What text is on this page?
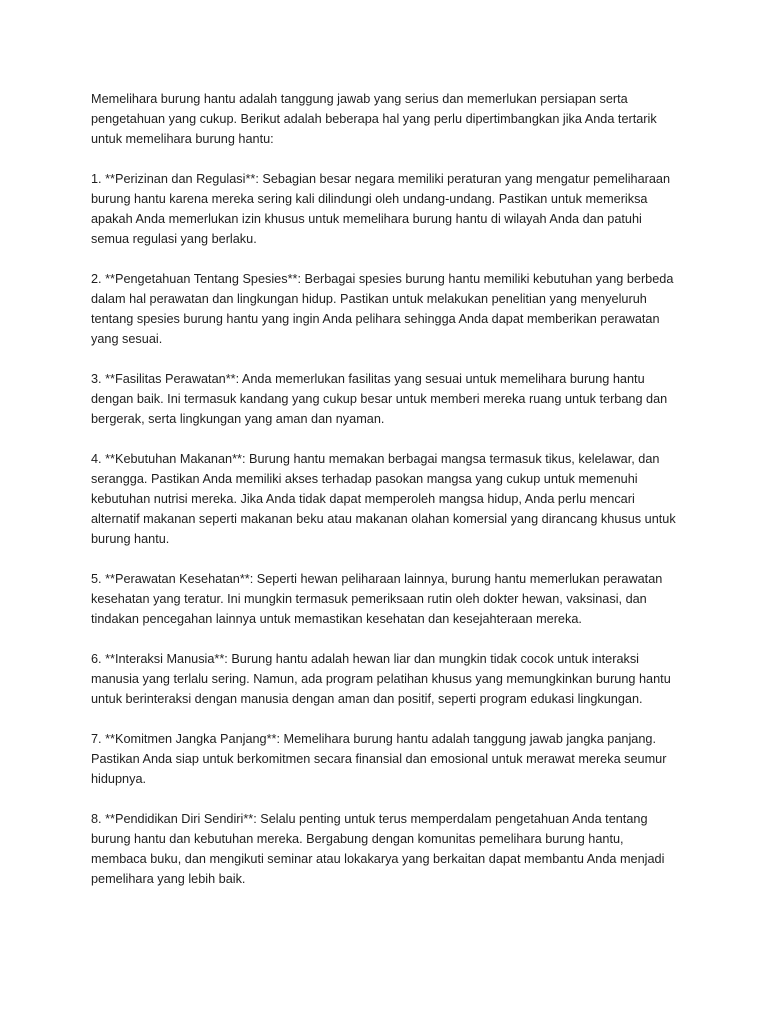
Memelihara burung hantu adalah tanggung jawab yang serius dan memerlukan persiapan serta pengetahuan yang cukup. Berikut adalah beberapa hal yang perlu dipertimbangkan jika Anda tertarik untuk memelihara burung hantu:

1. **Perizinan dan Regulasi**: Sebagian besar negara memiliki peraturan yang mengatur pemeliharaan burung hantu karena mereka sering kali dilindungi oleh undang-undang. Pastikan untuk memeriksa apakah Anda memerlukan izin khusus untuk memelihara burung hantu di wilayah Anda dan patuhi semua regulasi yang berlaku.

2. **Pengetahuan Tentang Spesies**: Berbagai spesies burung hantu memiliki kebutuhan yang berbeda dalam hal perawatan dan lingkungan hidup. Pastikan untuk melakukan penelitian yang menyeluruh tentang spesies burung hantu yang ingin Anda pelihara sehingga Anda dapat memberikan perawatan yang sesuai.

3. **Fasilitas Perawatan**: Anda memerlukan fasilitas yang sesuai untuk memelihara burung hantu dengan baik. Ini termasuk kandang yang cukup besar untuk memberi mereka ruang untuk terbang dan bergerak, serta lingkungan yang aman dan nyaman.

4. **Kebutuhan Makanan**: Burung hantu memakan berbagai mangsa termasuk tikus, kelelawar, dan serangga. Pastikan Anda memiliki akses terhadap pasokan mangsa yang cukup untuk memenuhi kebutuhan nutrisi mereka. Jika Anda tidak dapat memperoleh mangsa hidup, Anda perlu mencari alternatif makanan seperti makanan beku atau makanan olahan komersial yang dirancang khusus untuk burung hantu.

5. **Perawatan Kesehatan**: Seperti hewan peliharaan lainnya, burung hantu memerlukan perawatan kesehatan yang teratur. Ini mungkin termasuk pemeriksaan rutin oleh dokter hewan, vaksinasi, dan tindakan pencegahan lainnya untuk memastikan kesehatan dan kesejahteraan mereka.

6. **Interaksi Manusia**: Burung hantu adalah hewan liar dan mungkin tidak cocok untuk interaksi manusia yang terlalu sering. Namun, ada program pelatihan khusus yang memungkinkan burung hantu untuk berinteraksi dengan manusia dengan aman dan positif, seperti program edukasi lingkungan.

7. **Komitmen Jangka Panjang**: Memelihara burung hantu adalah tanggung jawab jangka panjang. Pastikan Anda siap untuk berkomitmen secara finansial dan emosional untuk merawat mereka seumur hidupnya.

8. **Pendidikan Diri Sendiri**: Selalu penting untuk terus memperdalam pengetahuan Anda tentang burung hantu dan kebutuhan mereka. Bergabung dengan komunitas pemelihara burung hantu, membaca buku, dan mengikuti seminar atau lokakarya yang berkaitan dapat membantu Anda menjadi pemelihara yang lebih baik.
